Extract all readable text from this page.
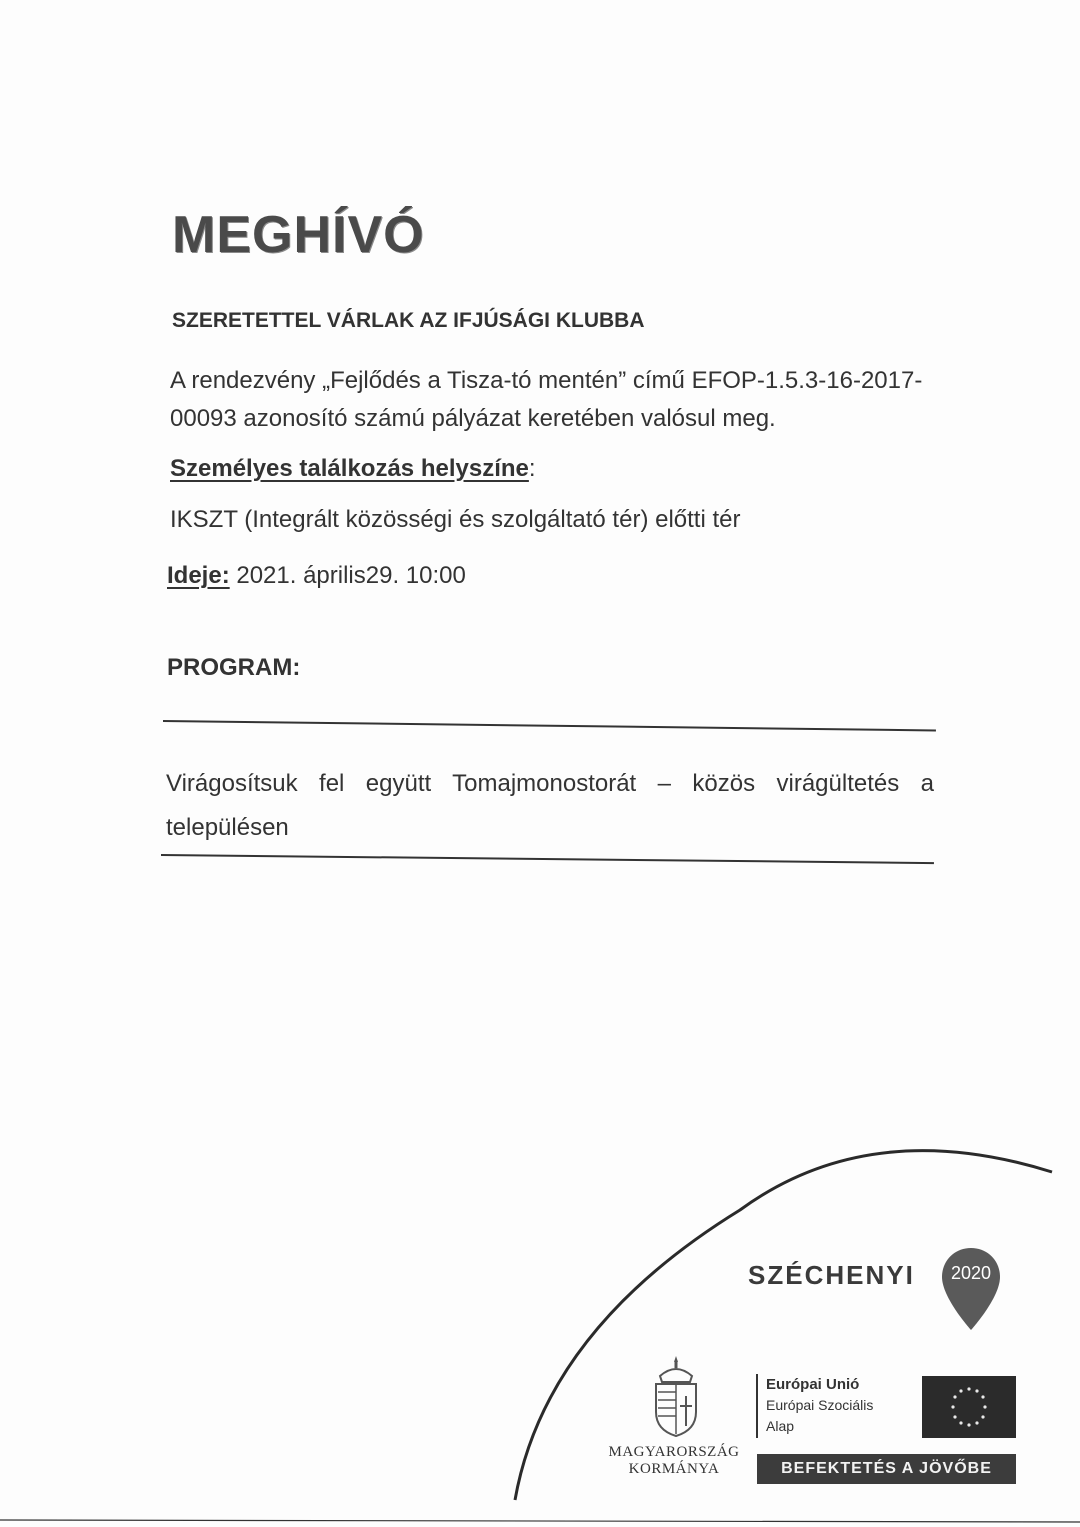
MEGHÍVÓ
SZERETETTEL VÁRLAK AZ IFJÚSÁGI KLUBBA
A rendezvény „Fejlődés a Tisza-tó mentén” című EFOP-1.5.3-16-2017-00093 azonosító számú pályázat keretében valósul meg.
Személyes találkozás helyszíne:
IKSZT (Integrált közösségi és szolgáltató tér) előtti tér
Ideje: 2021. április29. 10:00
PROGRAM:
Virágosítsuk fel együtt Tomajmonostorát – közös virágültetés a településen
SZÉCHENYI	2020
MAGYARORSZÁG
KORMÁNYA
Európai Unió
Európai Szociális
Alap
BEFEKTETÉS A JÖVŐBE
